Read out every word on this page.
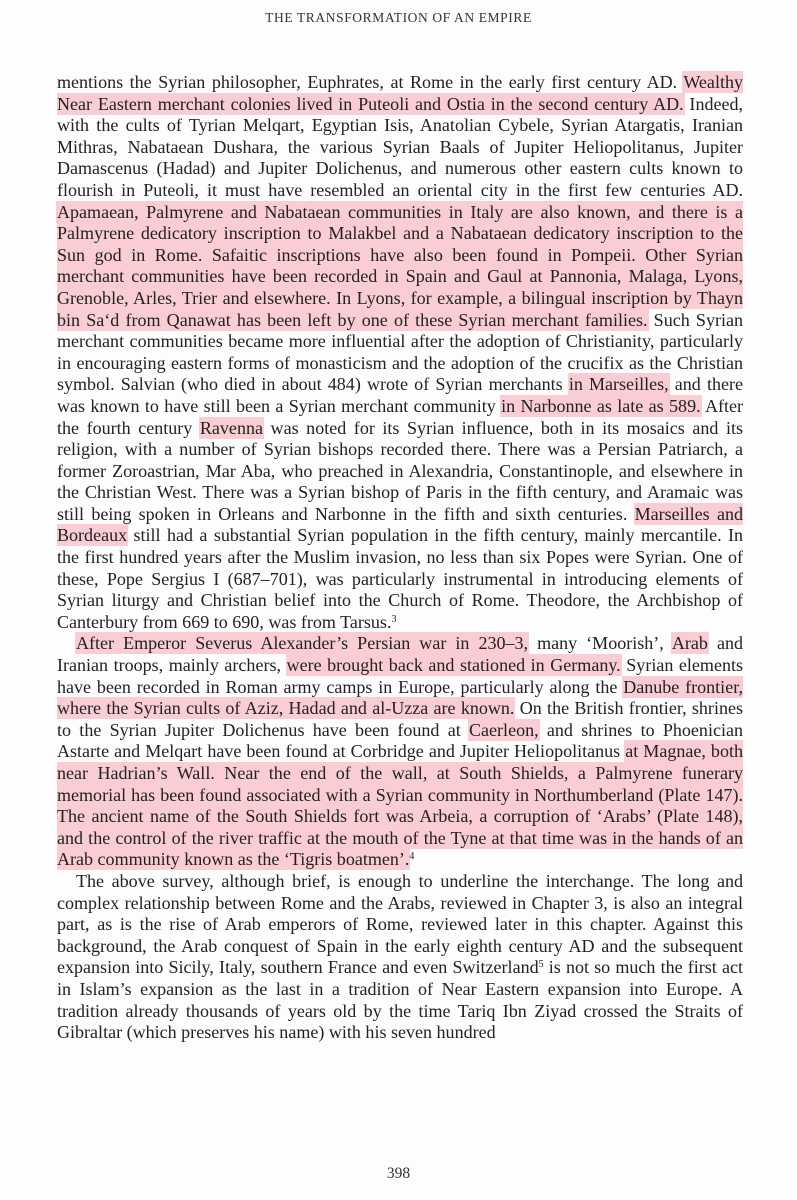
THE TRANSFORMATION OF AN EMPIRE

mentions the Syrian philosopher, Euphrates, at Rome in the early first century AD. Wealthy Near Eastern merchant colonies lived in Puteoli and Ostia in the second century AD. Indeed, with the cults of Tyrian Melqart, Egyptian Isis, Anatolian Cybele, Syrian Atargatis, Iranian Mithras, Nabataean Dushara, the various Syrian Baals of Jupiter Heliopolitanus, Jupiter Damascenus (Hadad) and Jupiter Dolichenus, and numerous other eastern cults known to flourish in Puteoli, it must have resembled an oriental city in the first few centuries AD. Apamaean, Palmyrene and Nabataean communities in Italy are also known, and there is a Palmyrene dedicatory inscription to Malakbel and a Nabataean dedicatory inscription to the Sun god in Rome. Safaitic inscriptions have also been found in Pompeii. Other Syrian merchant communities have been recorded in Spain and Gaul at Pannonia, Malaga, Lyons, Grenoble, Arles, Trier and elsewhere. In Lyons, for example, a bilingual inscription by Thayn bin Sa‘d from Qanawat has been left by one of these Syrian merchant families. Such Syrian merchant communities became more influential after the adoption of Christianity, particularly in encouraging eastern forms of monasticism and the adoption of the crucifix as the Christian symbol. Salvian (who died in about 484) wrote of Syrian merchants in Marseilles, and there was known to have still been a Syrian merchant community in Narbonne as late as 589. After the fourth century Ravenna was noted for its Syrian influence, both in its mosaics and its religion, with a number of Syrian bishops recorded there. There was a Persian Patriarch, a former Zoroastrian, Mar Aba, who preached in Alexandria, Constantinople, and elsewhere in the Christian West. There was a Syrian bishop of Paris in the fifth century, and Aramaic was still being spoken in Orleans and Narbonne in the fifth and sixth centuries. Marseilles and Bordeaux still had a substantial Syrian population in the fifth century, mainly mercantile. In the first hundred years after the Muslim invasion, no less than six Popes were Syrian. One of these, Pope Sergius I (687–701), was particularly instrumental in introducing elements of Syrian liturgy and Christian belief into the Church of Rome. Theodore, the Archbishop of Canterbury from 669 to 690, was from Tarsus.$^3$

After Emperor Severus Alexander’s Persian war in 230–3, many ‘Moorish’, Arab and Iranian troops, mainly archers, were brought back and stationed in Germany. Syrian elements have been recorded in Roman army camps in Europe, particularly along the Danube frontier, where the Syrian cults of Aziz, Hadad and al-Uzza are known. On the British frontier, shrines to the Syrian Jupiter Dolichenus have been found at Caerleon, and shrines to Phoenician Astarte and Melqart have been found at Corbridge and Jupiter Heliopolitanus at Magnae, both near Hadrian’s Wall. Near the end of the wall, at South Shields, a Palmyrene funerary memorial has been found associated with a Syrian community in Northumberland (Plate 147). The ancient name of the South Shields fort was Arbeia, a corruption of ‘Arabs’ (Plate 148), and the control of the river traffic at the mouth of the Tyne at that time was in the hands of an Arab community known as the ‘Tigris boatmen’.$^4$

The above survey, although brief, is enough to underline the interchange. The long and complex relationship between Rome and the Arabs, reviewed in Chapter 3, is also an integral part, as is the rise of Arab emperors of Rome, reviewed later in this chapter. Against this background, the Arab conquest of Spain in the early eighth century AD and the subsequent expansion into Sicily, Italy, southern France and even Switzerland$^5$ is not so much the first act in Islam’s expansion as the last in a tradition of Near Eastern expansion into Europe. A tradition already thousands of years old by the time Tariq Ibn Ziyad crossed the Straits of Gibraltar (which preserves his name) with his seven hundred

398
